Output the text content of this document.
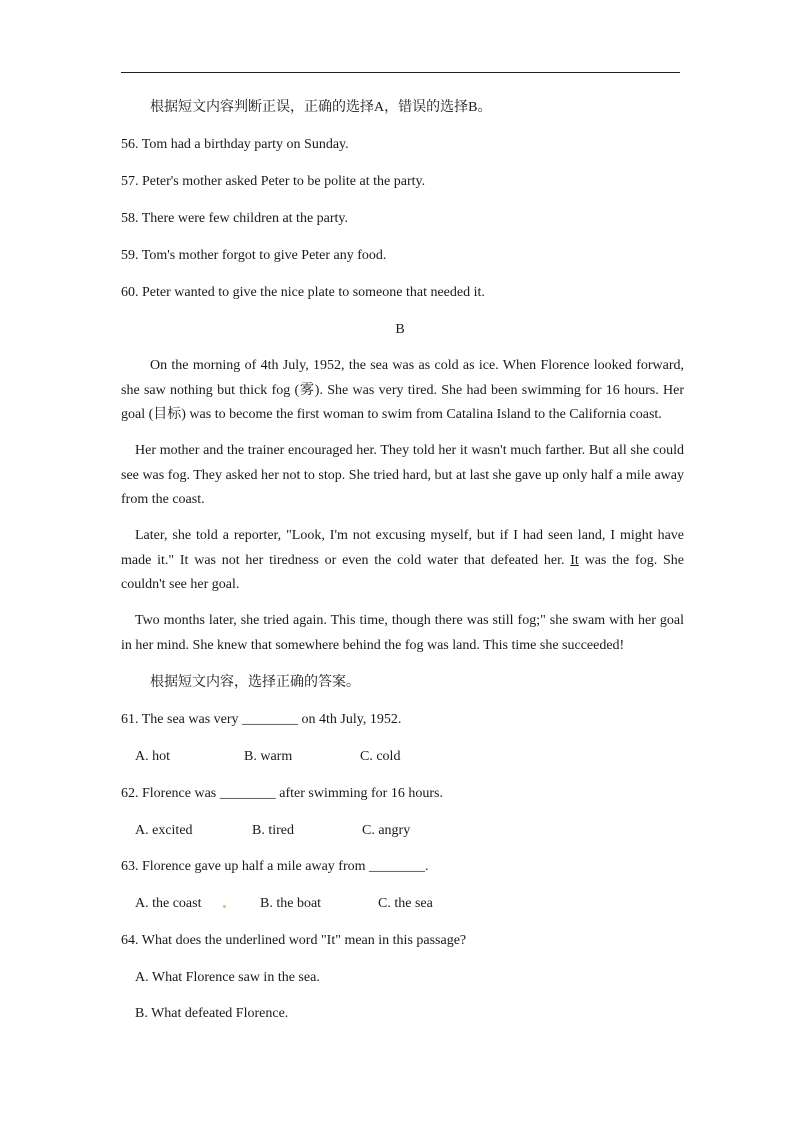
根据短文内容判断正误，正确的选择A，错误的选择B。
56. Tom had a birthday party on Sunday.
57. Peter's mother asked Peter to be polite at the party.
58. There were few children at the party.
59. Tom's mother forgot to give Peter any food.
60. Peter wanted to give the nice plate to someone that needed it.
B
On the morning of 4th July, 1952, the sea was as cold as ice. When Florence looked forward, she saw nothing but thick fog (雾). She was very tired. She had been swimming for 16 hours. Her goal (目标) was to become the first woman to swim from Catalina Island to the California coast.
Her mother and the trainer encouraged her. They told her it wasn't much farther. But all she could see was fog. They asked her not to stop. She tried hard, but at last she gave up only half a mile away from the coast.
Later, she told a reporter, "Look, I'm not excusing myself, but if I had seen land, I might have made it." It was not her tiredness or even the cold water that defeated her. It was the fog. She couldn't see her goal.
Two months later, she tried again. This time, though there was still fog;" she swam with her goal in her mind. She knew that somewhere behind the fog was land. This time she succeeded!
根据短文内容，选择正确的答案。
61. The sea was very ________ on 4th July, 1952.
A. hot	B. warm	C. cold
62. Florence was ________ after swimming for 16 hours.
A. excited	B. tired	C. angry
63. Florence gave up half a mile away from ________.
A. the coast	B. the boat	C. the sea
64. What does the underlined word "It" mean in this passage?
A. What Florence saw in the sea.
B. What defeated Florence.
